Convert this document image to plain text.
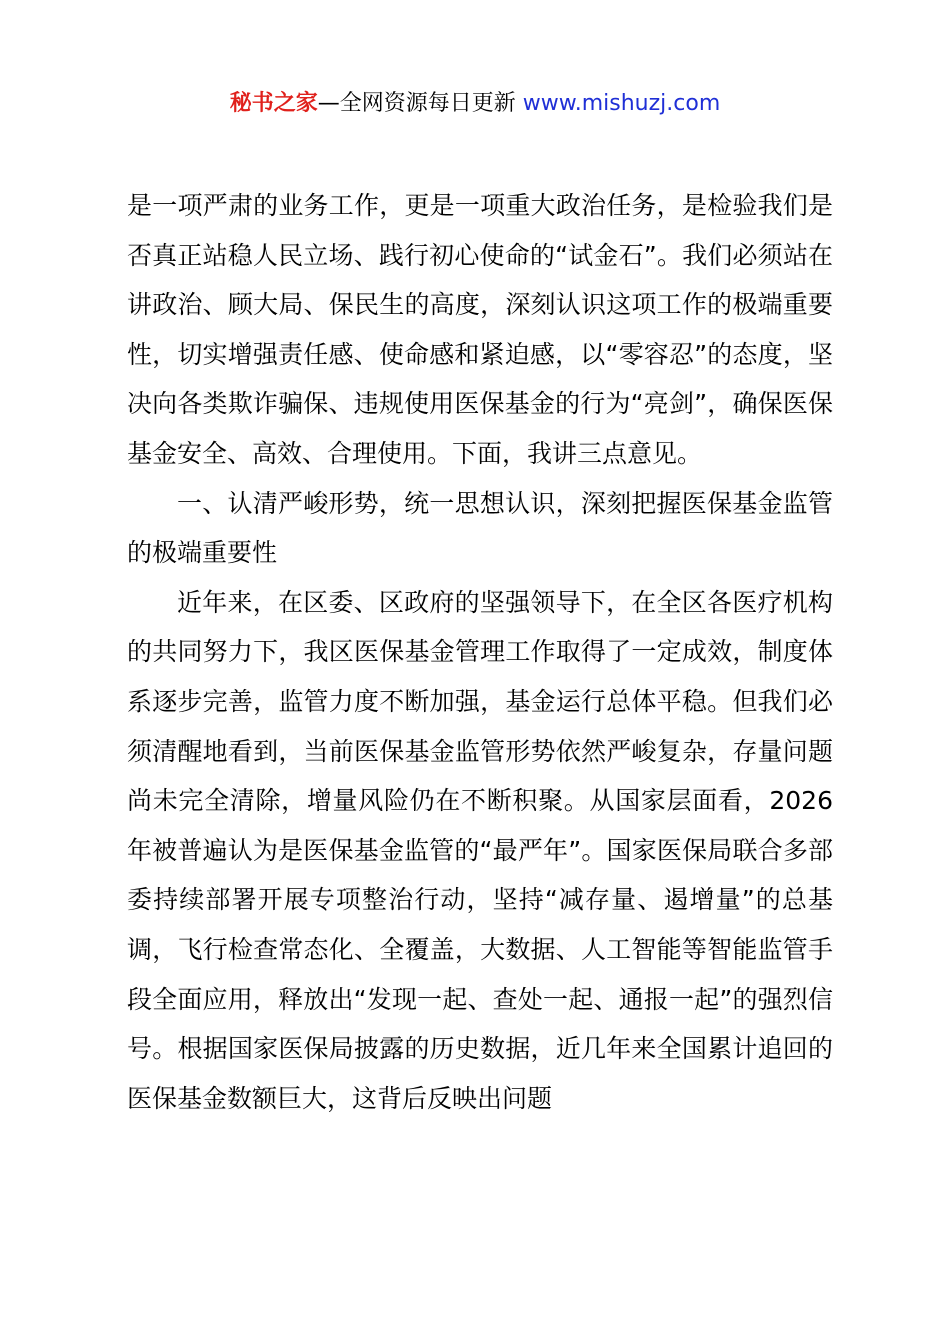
秘书之家—全网资源每日更新 www.mishuzj.com

是一项严肃的业务工作，更是一项重大政治任务，是检验我们是否真正站稳人民立场、践行初心使命的“试金石”。我们必须站在讲政治、顾大局、保民生的高度，深刻认识这项工作的极端重要性，切实增强责任感、使命感和紧迫感，以“零容忍”的态度，坚决向各类欺诈骗保、违规使用医保基金的行为“亮剑”，确保医保基金安全、高效、合理使用。下面，我讲三点意见。

一、认清严峻形势，统一思想认识，深刻把握医保基金监管的极端重要性

近年来，在区委、区政府的坚强领导下，在全区各医疗机构的共同努力下，我区医保基金管理工作取得了一定成效，制度体系逐步完善，监管力度不断加强，基金运行总体平稳。但我们必须清醒地看到，当前医保基金监管形势依然严峻复杂，存量问题尚未完全清除，增量风险仍在不断积聚。从国家层面看，2026年被普遍认为是医保基金监管的“最严年”。国家医保局联合多部委持续部署开展专项整治行动，坚持“减存量、遏增量”的总基调，飞行检查常态化、全覆盖，大数据、人工智能等智能监管手段全面应用，释放出“发现一起、查处一起、通报一起”的强烈信号。根据国家医保局披露的历史数据，近几年来全国累计追回的医保基金数额巨大，这背后反映出问题
